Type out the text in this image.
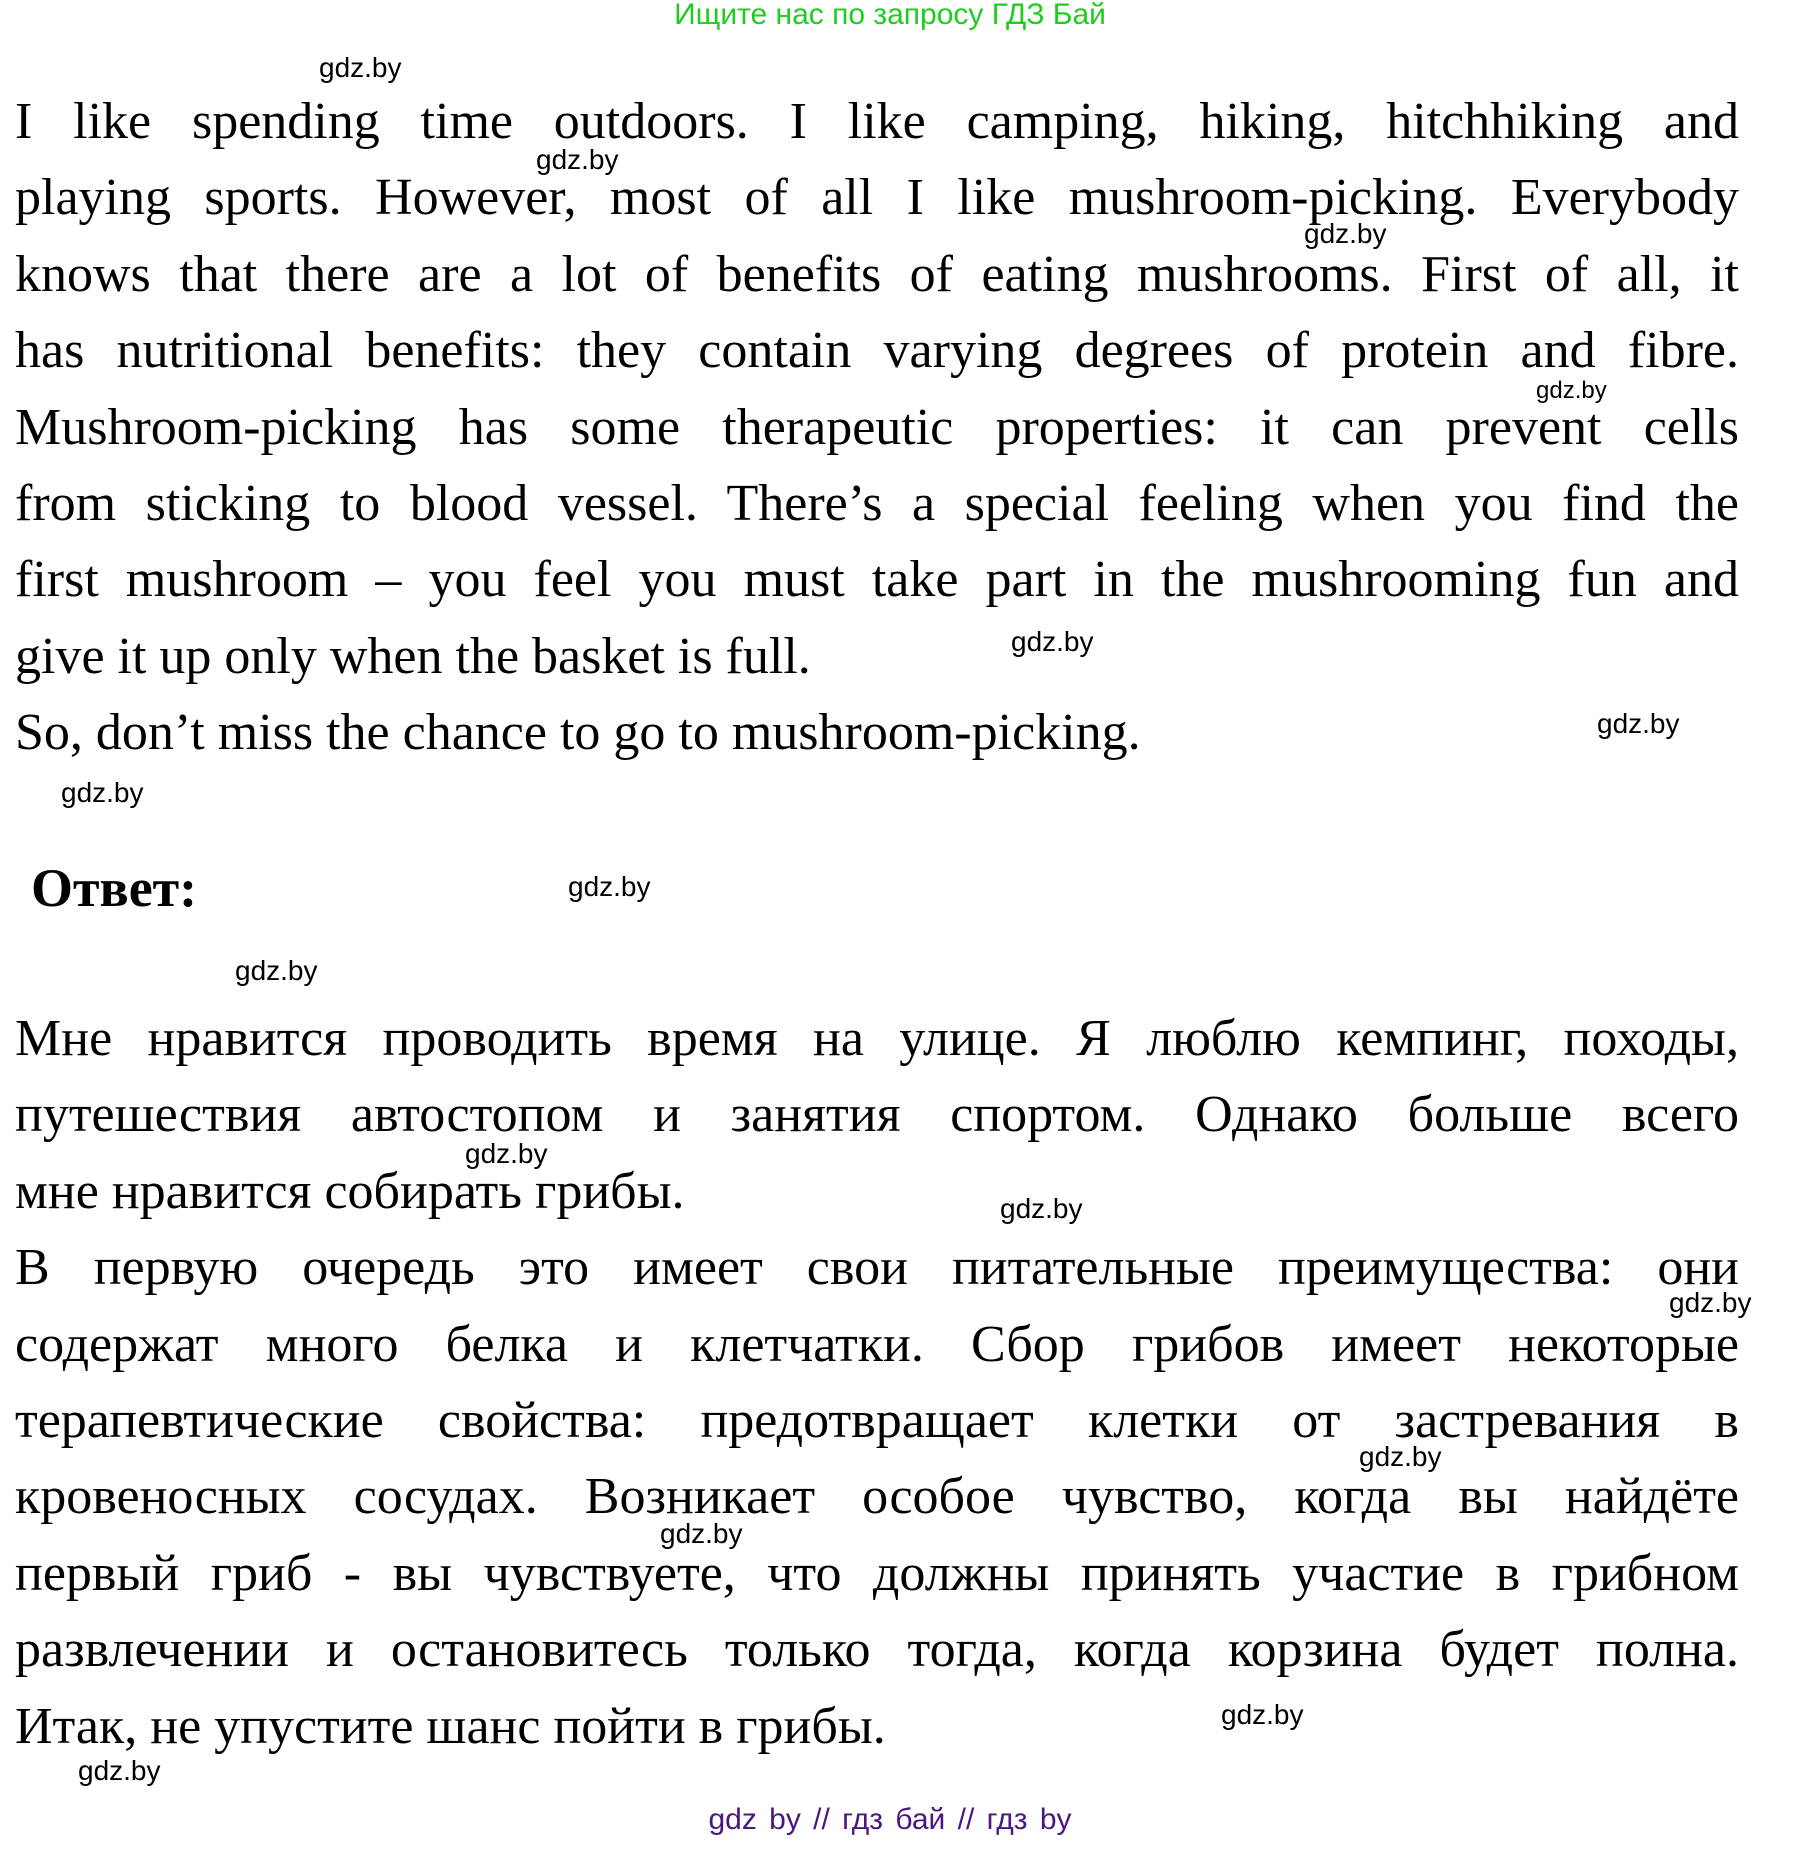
Ищите нас по запросу ГДЗ Бай
I like spending time outdoors. I like camping, hiking, hitchhiking and
playing sports. However, most of all I like mushroom-picking. Everybody
knows that there are a lot of benefits of eating mushrooms. First of all, it
has nutritional benefits: they contain varying degrees of protein and fibre.
Mushroom-picking has some therapeutic properties: it can prevent cells
from sticking to blood vessel. There’s a special feeling when you find the
first mushroom – you feel you must take part in the mushrooming fun and
give it up only when the basket is full.
So, don’t miss the chance to go to mushroom-picking.
Ответ:
Мне нравится проводить время на улице. Я люблю кемпинг, походы,
путешествия автостопом и занятия спортом. Однако больше всего
мне нравится собирать грибы.
В первую очередь это имеет свои питательные преимущества: они
содержат много белка и клетчатки. Сбор грибов имеет некоторые
терапевтические свойства: предотвращает клетки от застревания в
кровеносных сосудах. Возникает особое чувство, когда вы найдёте
первый гриб - вы чувствуете, что должны принять участие в грибном
развлечении и остановитесь только тогда, когда корзина будет полна.
Итак, не упустите шанс пойти в грибы.
gdz.by
gdz.by
gdz.by
gdz.by
gdz.by
gdz.by
gdz.by
gdz.by
gdz.by
gdz.by
gdz.by
gdz.by
gdz.by
gdz.by
gdz.by
gdz.by
gdz by // гдз бай // гдз by
